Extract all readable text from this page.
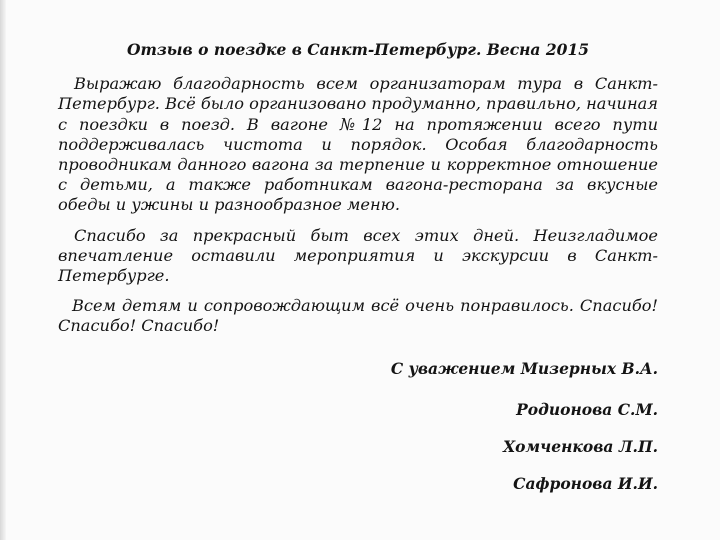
Отзыв о поездке в Санкт-Петербург. Весна 2015

Выражаю благодарность всем организаторам тура в Санкт-Петербург. Всё было организовано продуманно, правильно, начиная с поездки в поезд. В вагоне №12 на протяжении всего пути поддерживалась чистота и порядок. Особая благодарность проводникам данного вагона за терпение и корректное отношение с детьми, а также работникам вагона-ресторана за вкусные обеды и ужины и разнообразное меню.

Спасибо за прекрасный быт всех этих дней. Неизгладимое впечатление оставили мероприятия и экскурсии в Санкт-Петербурге.

Всем детям и сопровождающим всё очень понравилось. Спасибо! Спасибо! Спасибо!

С уважением Мизерных В.А.
Родионова С.М.
Хомченкова Л.П.
Сафронова И.И.
